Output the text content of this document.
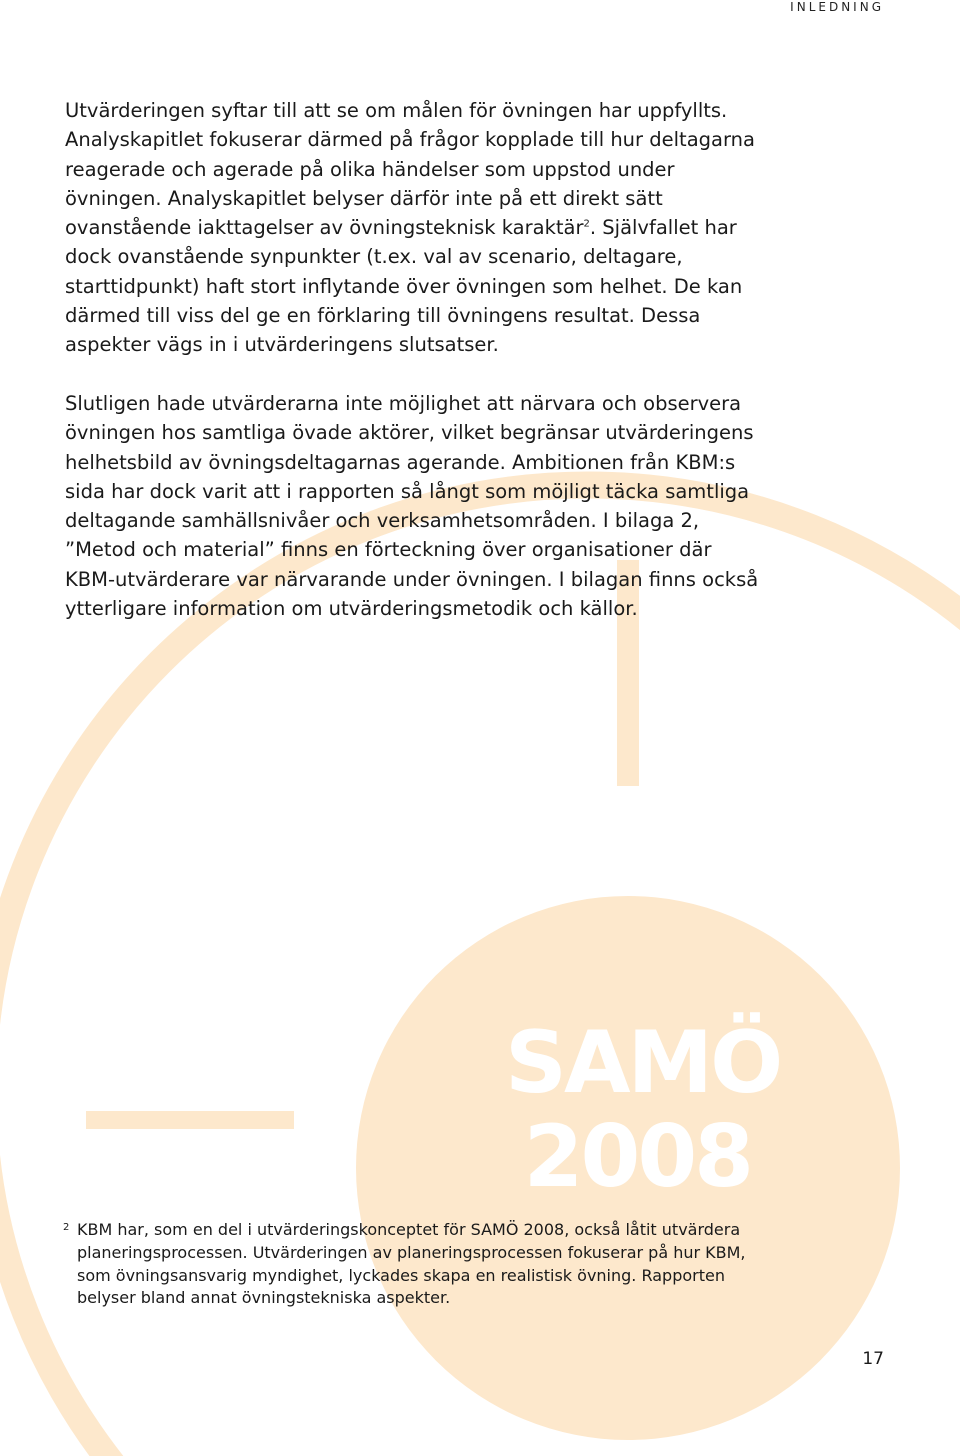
INLEDNING

Utvärderingen syftar till att se om målen för övningen har uppfyllts. Analyskapitlet fokuserar därmed på frågor kopplade till hur deltagarna reagerade och agerade på olika händelser som uppstod under övningen. Analyskapitlet belyser därför inte på ett direkt sätt ovanstående iakttagelser av övningsteknisk karaktär$^2$. Självfallet har dock ovanstående synpunkter (t.ex. val av scenario, deltagare, starttidpunkt) haft stort inflytande över övningen som helhet. De kan därmed till viss del ge en förklaring till övningens resultat. Dessa aspekter vägs in i utvärderingens slutsatser.

Slutligen hade utvärderarna inte möjlighet att närvara och observera övningen hos samtliga övade aktörer, vilket begränsar utvärderingens helhetsbild av övningsdeltagarnas agerande. Ambitionen från KBM:s sida har dock varit att i rapporten så långt som möjligt täcka samtliga deltagande samhällsnivåer och verksamhetsområden. I bilaga 2, ”Metod och material” finns en förteckning över organisationer där KBM-utvärderare var närvarande under övningen. I bilagan finns också ytterligare information om utvärderingsmetodik och källor.

SAMÖ
2008

2 KBM har, som en del i utvärderingskonceptet för SAMÖ 2008, också låtit utvärdera planeringsprocessen. Utvärderingen av planeringsprocessen fokuserar på hur KBM, som övningsansvarig myndighet, lyckades skapa en realistisk övning. Rapporten belyser bland annat övningstekniska aspekter.

17
